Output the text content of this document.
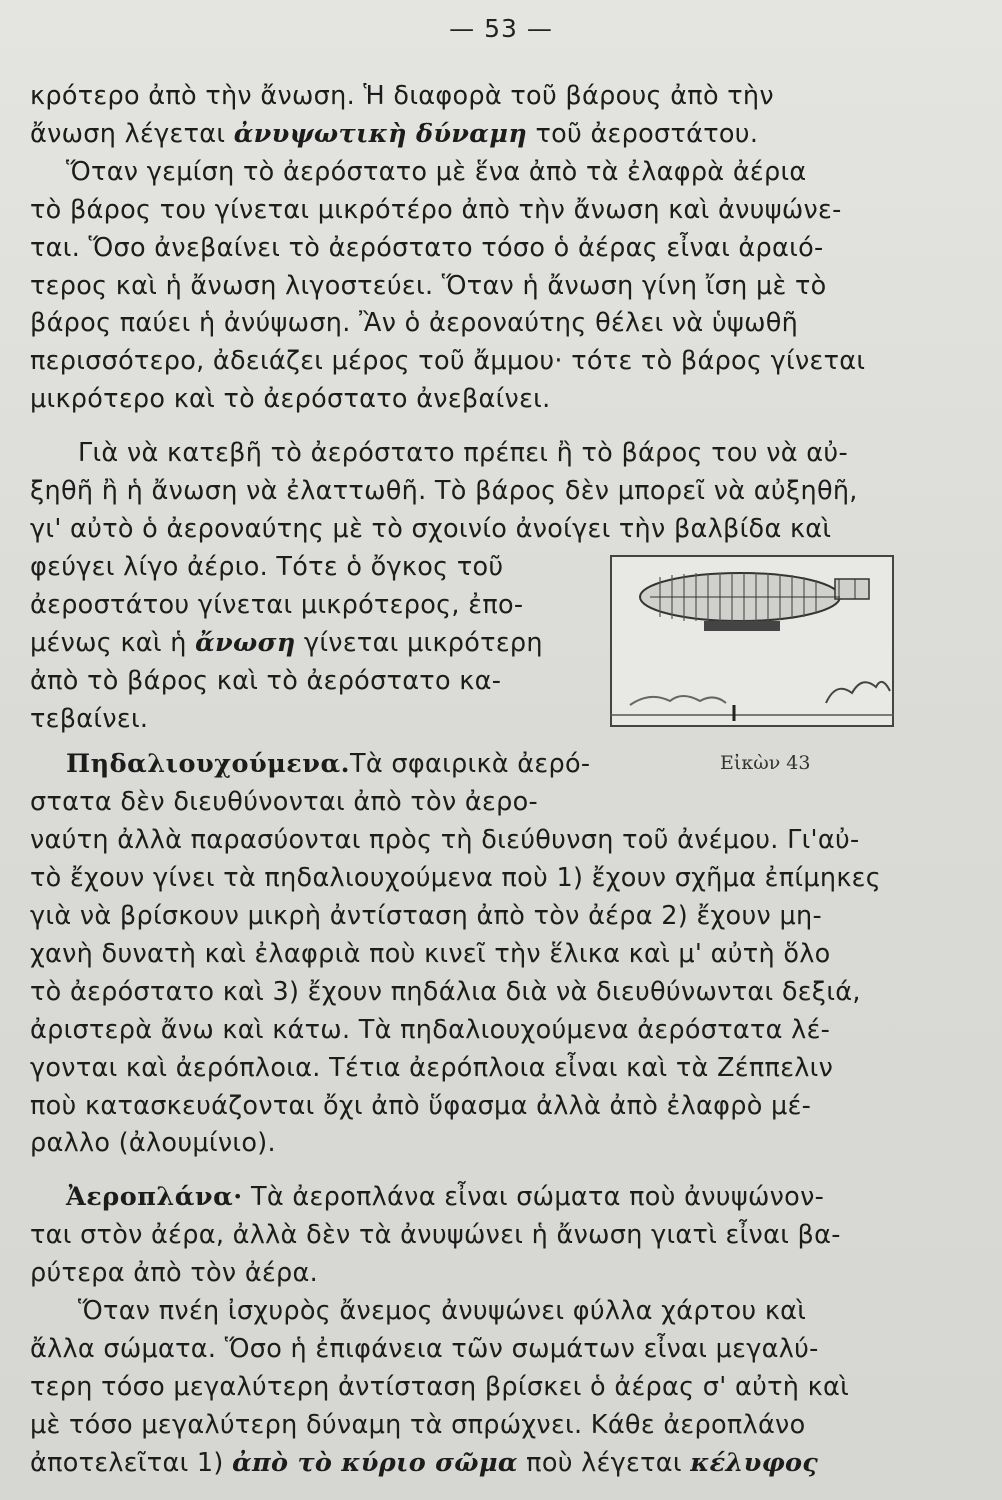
— 53 —

κρότερο ἀπὸ τὴν ἄνωση. Ἡ διαφορὰ τοῦ βάρους ἀπὸ τὴν
ἄνωση λέγεται ἀνυψωτικὴ δύναμη τοῦ ἀεροστάτου.
Ὅταν γεμίση τὸ ἀερόστατο μὲ ἕνα ἀπὸ τὰ ἐλαφρὰ ἀέρια
τὸ βάρος του γίνεται μικρότέρο ἀπὸ τὴν ἄνωση καὶ ἀνυψώνε-
ται. Ὅσο ἀνεβαίνει τὸ ἀερόστατο τόσο ὁ ἀέρας εἶναι ἀραιό-
τερος καὶ ἡ ἄνωση λιγοστεύει. Ὅταν ἡ ἄνωση γίνη ἴση μὲ τὸ
βάρος παύει ἡ ἀνύψωση. Ἂν ὁ ἀεροναύτης θέλει νὰ ὑψωθῆ
περισσότερο, ἀδειάζει μέρος τοῦ ἄμμου· τότε τὸ βάρος γίνεται
μικρότερο καὶ τὸ ἀερόστατο ἀνεβαίνει.

Γιὰ νὰ κατεβῆ τὸ ἀερόστατο πρέπει ἢ τὸ βάρος του νὰ αὐ-
ξηθῆ ἢ ἡ ἄνωση νὰ ἐλαττωθῆ. Τὸ βάρος δὲν μπορεῖ νὰ αὐξηθῆ,
γι' αὐτὸ ὁ ἀεροναύτης μὲ τὸ σχοινίο ἀνοίγει τὴν βαλβίδα καὶ

φεύγει λίγο ἀέριο. Τότε ὁ ὄγκος τοῦ
ἀεροστάτου γίνεται μικρότερος, ἐπο-
μένως καὶ ἡ ἄνωση γίνεται μικρότερη
ἀπὸ τὸ βάρος καὶ τὸ ἀερόστατο κα-
τεβαίνει.
Πηδαλιουχούμενα.Τὰ σφαιρικὰ ἀερό-
στατα δὲν διευθύνονται ἀπὸ τὸν ἀερο-

ναύτη ἀλλὰ παρασύονται πρὸς τὴ διεύθυνση τοῦ ἀνέμου. Γι'αὐ-
τὸ ἔχουν γίνει τὰ πηδαλιουχούμενα ποὺ 1) ἔχουν σχῆμα ἐπίμηκες
γιὰ νὰ βρίσκουν μικρὴ ἀντίσταση ἀπὸ τὸν ἀέρα 2) ἔχουν μη-
χανὴ δυνατὴ καὶ ἐλαφριὰ ποὺ κινεῖ τὴν ἕλικα καὶ μ' αὐτὴ ὅλο
τὸ ἀερόστατο καὶ 3) ἔχουν πηδάλια διὰ νὰ διευθύνωνται δεξιά,
ἀριστερὰ ἄνω καὶ κάτω. Τὰ πηδαλιουχούμενα ἀερόστατα λέ-
γονται καὶ ἀερόπλοια. Τέτια ἀερόπλοια εἶναι καὶ τὰ Ζέππελιν
ποὺ κατασκευάζονται ὄχι ἀπὸ ὕφασμα ἀλλὰ ἀπὸ ἐλαφρὸ μέ-
ραλλο (ἀλουμίνιο).

Ἀεροπλάνα· Τὰ ἀεροπλάνα εἶναι σώματα ποὺ ἀνυψώνον-
ται στὸν ἀέρα, ἀλλὰ δὲν τὰ ἀνυψώνει ἡ ἄνωση γιατὶ εἶναι βα-
ρύτερα ἀπὸ τὸν ἀέρα.
Ὅταν πνέη ἰσχυρὸς ἄνεμος ἀνυψώνει φύλλα χάρτου καὶ
ἄλλα σώματα. Ὅσο ἡ ἐπιφάνεια τῶν σωμάτων εἶναι μεγαλύ-
τερη τόσο μεγαλύτερη ἀντίσταση βρίσκει ὁ ἀέρας σ' αὐτὴ καὶ
μὲ τόσο μεγαλύτερη δύναμη τὰ σπρώχνει. Κάθε ἀεροπλάνο
ἀποτελεῖται 1) ἀπὸ τὸ κύριο σῶμα ποὺ λέγεται κέλυφος

Εἰκὼν 43
